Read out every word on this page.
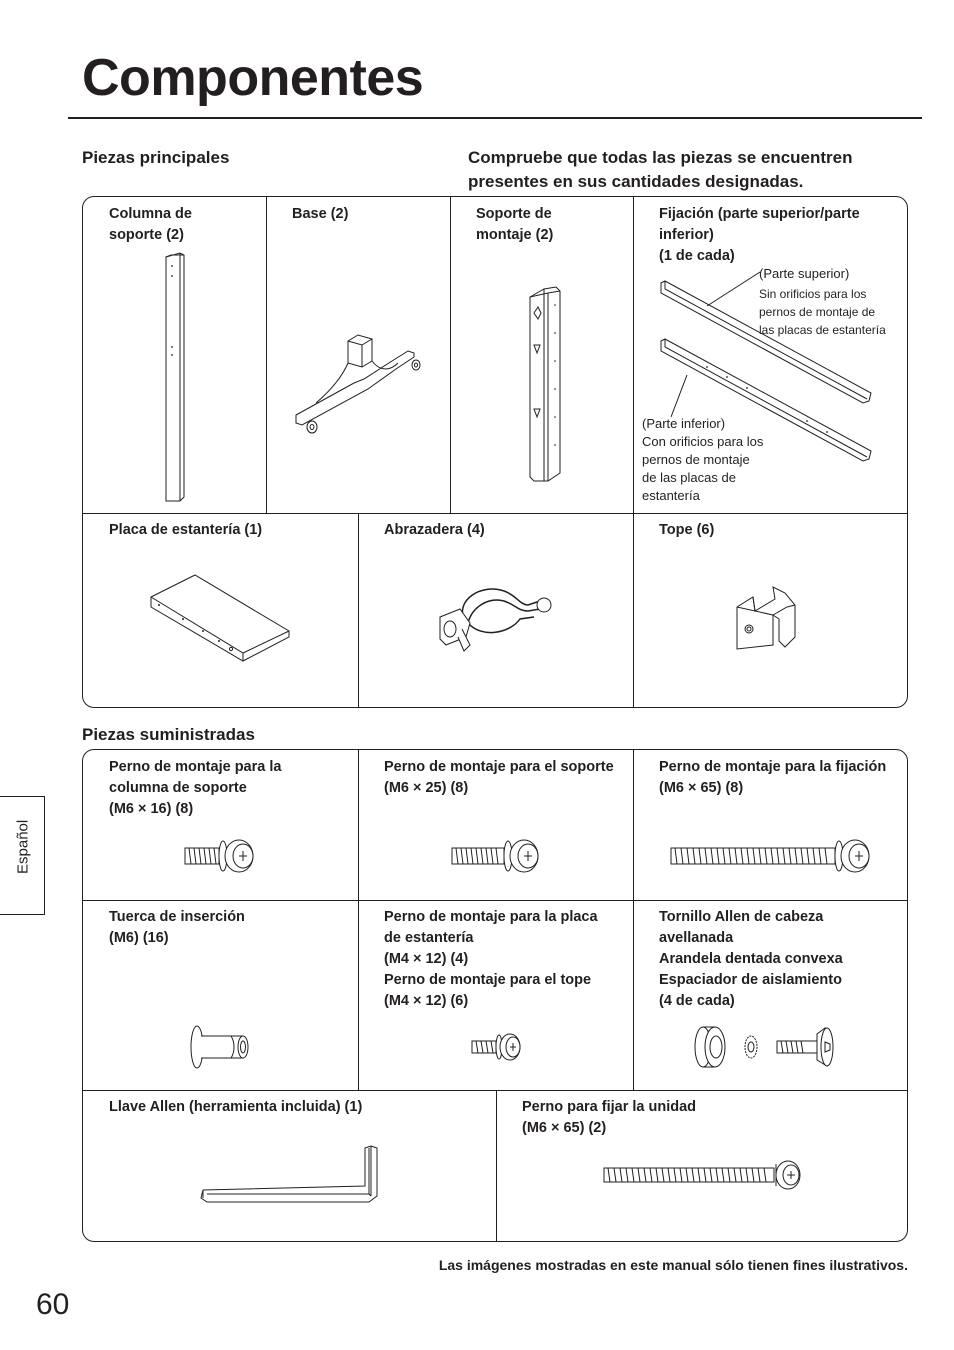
Componentes
Piezas principales	Compruebe que todas las piezas se encuentren
presentes en sus cantidades designadas.
Columna de
soporte (2)
Base (2)	Soporte de
montaje (2)
Fijación (parte superior/parte
inferior)
(1 de cada)
(Parte superior)
Sin orificios para los
pernos de montaje de
las placas de estantería
(Parte inferior)
Con orificios para los
pernos de montaje
de las placas de
estantería
Placa de estantería (1)	Abrazadera (4)	Tope (6)
Piezas suministradas
Perno de montaje para la
columna de soporte
(M6 × 16) (8)
Perno de montaje para el soporte
(M6 × 25) (8)
Perno de montaje para la fijación
(M6 × 65) (8)
Tuerca de inserción
(M6) (16)
Perno de montaje para la placa
de estantería
(M4 × 12) (4)
Perno de montaje para el tope
(M4 × 12) (6)
Tornillo Allen de cabeza
avellanada
Arandela dentada convexa
Espaciador de aislamiento
(4 de cada)
Llave Allen (herramienta incluida) (1)	Perno para fijar la unidad
(M6 × 65) (2)
Las imágenes mostradas en este manual sólo tienen fines ilustrativos.
Español
60
